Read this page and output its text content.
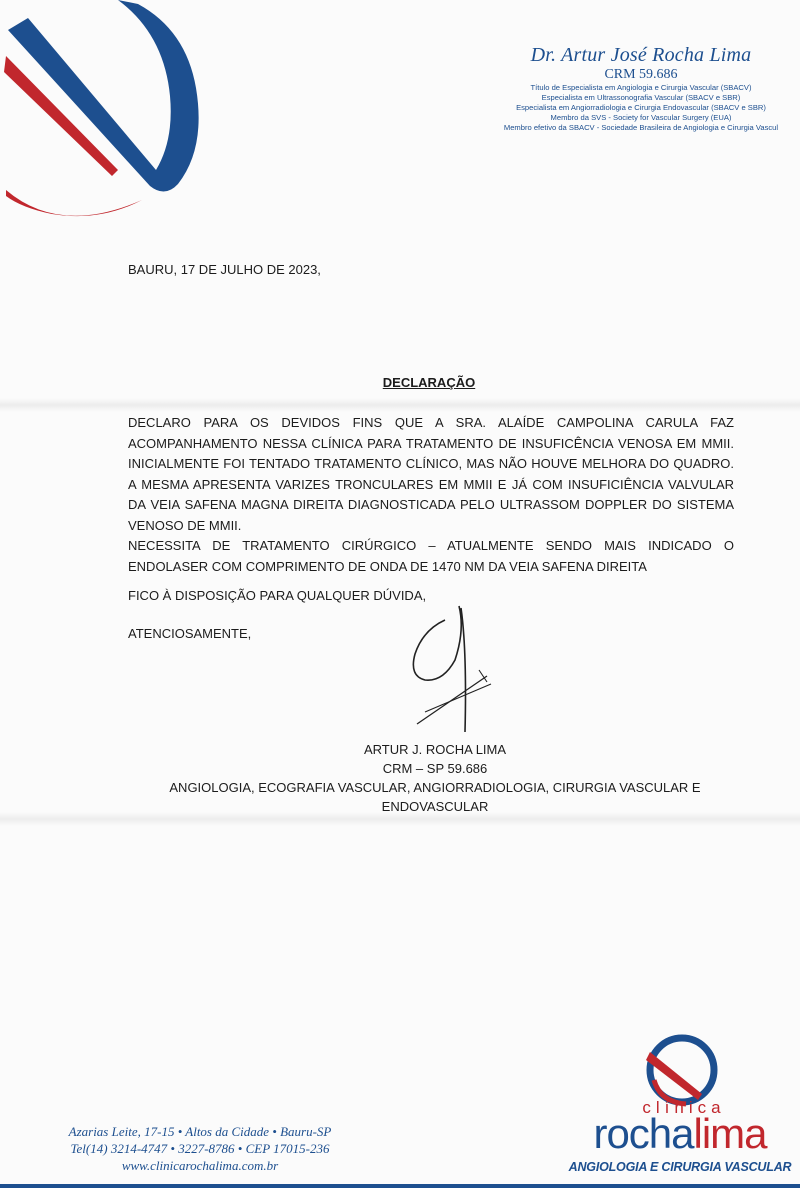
Dr. Artur José Rocha Lima
CRM 59.686
Título de Especialista em Angiologia e Cirurgia Vascular (SBACV)
Especialista em Ultrassonografia Vascular (SBACV e SBR)
Especialista em Angiorradiologia e Cirurgia Endovascular (SBACV e SBR)
Membro da SVS - Society for Vascular Surgery (EUA)
Membro efetivo da SBACV - Sociedade Brasileira de Angiologia e Cirurgia Vascul
BAURU, 17 DE JULHO DE 2023,
DECLARAÇÃO

DECLARO PARA OS DEVIDOS FINS QUE A SRA. ALAÍDE CAMPOLINA CARULA FAZ ACOMPANHAMENTO NESSA CLÍNICA PARA TRATAMENTO DE INSUFICÊNCIA VENOSA EM MMII. INICIALMENTE FOI TENTADO TRATAMENTO CLÍNICO, MAS NÃO HOUVE MELHORA DO QUADRO. A MESMA APRESENTA VARIZES TRONCULARES EM MMII E JÁ COM INSUFICIÊNCIA VALVULAR DA VEIA SAFENA MAGNA DIREITA DIAGNOSTICADA PELO ULTRASSOM DOPPLER DO SISTEMA VENOSO DE MMII.

NECESSITA DE TRATAMENTO CIRÚRGICO – ATUALMENTE SENDO MAIS INDICADO O ENDOLASER COM COMPRIMENTO DE ONDA DE 1470 NM DA VEIA SAFENA DIREITA

FICO À DISPOSIÇÃO PARA QUALQUER DÚVIDA,
ATENCIOSAMENTE,
ARTUR J. ROCHA LIMA
CRM – SP 59.686
ANGIOLOGIA, ECOGRAFIA VASCULAR, ANGIORRADIOLOGIA, CIRURGIA VASCULAR E
ENDOVASCULAR
Azarias Leite, 17-15 • Altos da Cidade • Bauru-SP
Tel(14) 3214-4747 • 3227-8786 • CEP 17015-236
www.clinicarochalima.com.br
clínica
rochalima
ANGIOLOGIA E CIRURGIA VASCULAR
